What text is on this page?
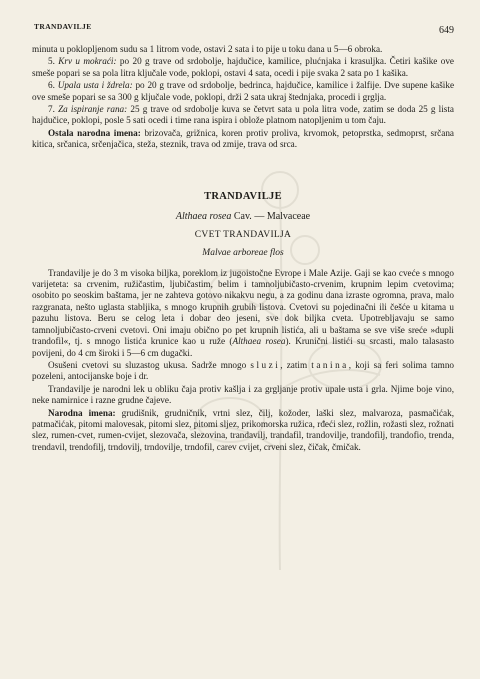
TRANDAVILJE	649

minuta u poklopljenom sudu sa 1 litrom vode, ostavi 2 sata i to pije u toku dana u 5—6 obroka.

5. Krv u mokraći: po 20 g trave od srdobolje, hajdučice, kamilice, plućnjaka i krasuljka. Četiri kašike ove smeše popari se sa pola litra ključale vode, poklopi, ostavi 4 sata, ocedi i pije svaka 2 sata po 1 kašika.

6. Upala usta i ždrela: po 20 g trave od srdobolje, bedrinca, hajdučice, kamilice i žalfije. Dve supene kašike ove smeše popari se sa 300 g ključale vode, poklopi, drži 2 sata ukraj štednjaka, procedi i grglja.

7. Za ispiranje rana: 25 g trave od srdobolje kuva se četvrt sata u pola litra vode, zatim se doda 25 g lista hajdučice, poklopi, posle 5 sati ocedi i time rana ispira i oblože platnom natopljenim u tom čaju.

Ostala narodna imena: brizovača, grižnica, koren protiv proliva, krvomok, petoprstka, sedmoprst, srčana kitica, srčanica, srčenjačica, steža, steznik, trava od zmije, trava od srca.

TRANDAVILJE

Althaea rosea Cav. — Malvaceae

CVET TRANDAVILJA

Malvae arboreae flos

Trandavilje je do 3 m visoka biljka, poreklom iz jugoistočne Evrope i Male Azije. Gaji se kao cveće s mnogo varijeteta: sa crvenim, ružičastim, ljubičastim, belim i tamnoljubičasto-crvenim, krupnim lepim cvetovima; osobito po seoskim baštama, jer ne zahteva gotovo nikakvu negu, a za godinu dana izraste ogromna, prava, malo razgranata, nešto uglasta stabljika, s mnogo krupnih grubih listova. Cvetovi su pojedinačni ili češće u kitama u pazuhu listova. Beru se celog leta i dobar deo jeseni, sve dok biljka cveta. Upotrebljavaju se samo tamnoljubičasto-crveni cvetovi. Oni imaju obično po pet krupnih listića, ali u baštama se sve više sreće »dupli trandofil«, tj. s mnogo listića krunice kao u ruže (Althaea rosea). Krunični listići su srcasti, malo talasasto povijeni, do 4 cm široki i 5—6 cm dugački.

Osušeni cvetovi su sluzastog ukusa. Sadrže mnogo sluzi, zatim tanina, koji sa feri solima tamno pozeleni, antocijanske boje i dr.

Trandavilje je narodni lek u obliku čaja protiv kašlja i za grgljanje protiv upale usta i grla. Njime boje vino, neke namirnice i razne grudne čajeve.

Narodna imena: grudišnik, grudničnik, vrtni slez, čilj, kožoder, laški slez, malvaroza, pasmačićak, patmačićak, pitomi malovesak, pitomi slez, pitomi sljez, prikomorska ružica, rđeći slez, rožlin, rožasti slez, rožnati slez, rumen-cvet, rumen-cvijet, slezovača, slezovina, trandavilj, trandafil, trandovilje, trandofilj, trandofio, trenda, trendavil, trendofilj, trndovilj, trndovilje, trndofil, carev cvijet, crveni slez, čičak, čmičak.
